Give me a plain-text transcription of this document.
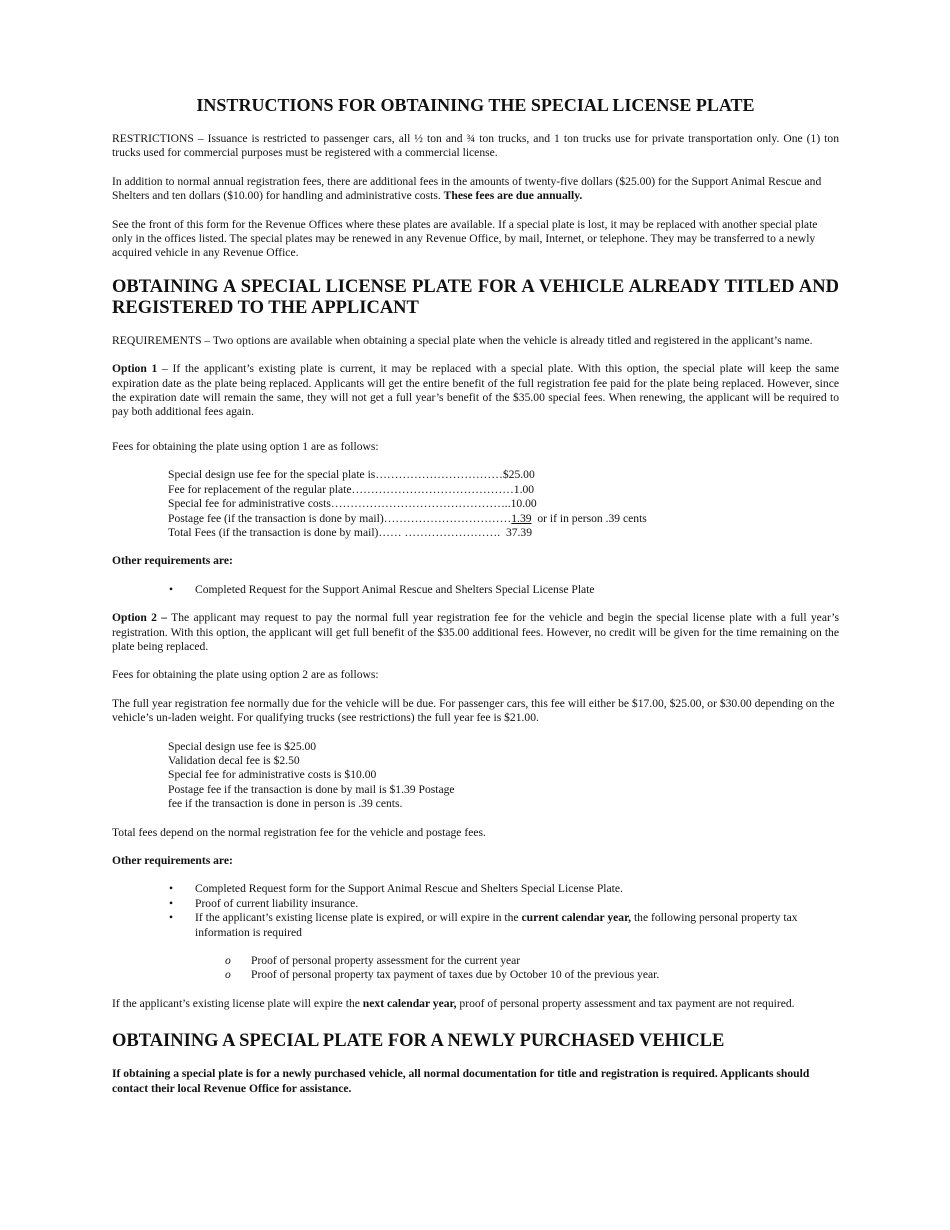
INSTRUCTIONS FOR OBTAINING THE SPECIAL LICENSE PLATE

RESTRICTIONS – Issuance is restricted to passenger cars, all ½ ton and ¾ ton trucks, and 1 ton trucks use for private transportation only. One (1) ton trucks used for commercial purposes must be registered with a commercial license.

In addition to normal annual registration fees, there are additional fees in the amounts of twenty-five dollars ($25.00) for the Support Animal Rescue and Shelters and ten dollars ($10.00) for handling and administrative costs. These fees are due annually.

See the front of this form for the Revenue Offices where these plates are available. If a special plate is lost, it may be replaced with another special plate only in the offices listed. The special plates may be renewed in any Revenue Office, by mail, Internet, or telephone. They may be transferred to a newly acquired vehicle in any Revenue Office.

OBTAINING A SPECIAL LICENSE PLATE FOR A VEHICLE ALREADY TITLED AND REGISTERED TO THE APPLICANT

REQUIREMENTS – Two options are available when obtaining a special plate when the vehicle is already titled and registered in the applicant’s name.

Option 1 – If the applicant’s existing plate is current, it may be replaced with a special plate. With this option, the special plate will keep the same expiration date as the plate being replaced. Applicants will get the entire benefit of the full registration fee paid for the plate being replaced. However, since the expiration date will remain the same, they will not get a full year’s benefit of the $35.00 special fees. When renewing, the applicant will be required to pay both additional fees again.

Fees for obtaining the plate using option 1 are as follows:

Special design use fee for the special plate is……………………………$ 25.00
Fee for replacement of the regular plate…………………………………… 1.00
Special fee for administrative costs……………………………………….. 10.00
Postage fee (if the transaction is done by mail)…………………………… 1.39 or if in person .39 cents
Total Fees (if the transaction is done by mail)…… ……………………. 37.39

Other requirements are:

• Completed Request for the Support Animal Rescue and Shelters Special License Plate

Option 2 – The applicant may request to pay the normal full year registration fee for the vehicle and begin the special license plate with a full year’s registration. With this option, the applicant will get full benefit of the $35.00 additional fees. However, no credit will be given for the time remaining on the plate being replaced.

Fees for obtaining the plate using option 2 are as follows:

The full year registration fee normally due for the vehicle will be due. For passenger cars, this fee will either be $17.00, $25.00, or $30.00 depending on the vehicle’s un-laden weight. For qualifying trucks (see restrictions) the full year fee is $21.00.

Special design use fee is $25.00
Validation decal fee is $2.50
Special fee for administrative costs is $10.00
Postage fee if the transaction is done by mail is $1.39 Postage
fee if the transaction is done in person is .39 cents.

Total fees depend on the normal registration fee for the vehicle and postage fees.

Other requirements are:

• Completed Request form for the Support Animal Rescue and Shelters Special License Plate.
• Proof of current liability insurance.
• If the applicant’s existing license plate is expired, or will expire in the current calendar year, the following personal property tax information is required
o Proof of personal property assessment for the current year
o Proof of personal property tax payment of taxes due by October 10 of the previous year.

If the applicant’s existing license plate will expire the next calendar year, proof of personal property assessment and tax payment are not required.

OBTAINING A SPECIAL PLATE FOR A NEWLY PURCHASED VEHICLE

If obtaining a special plate is for a newly purchased vehicle, all normal documentation for title and registration is required. Applicants should contact their local Revenue Office for assistance.
